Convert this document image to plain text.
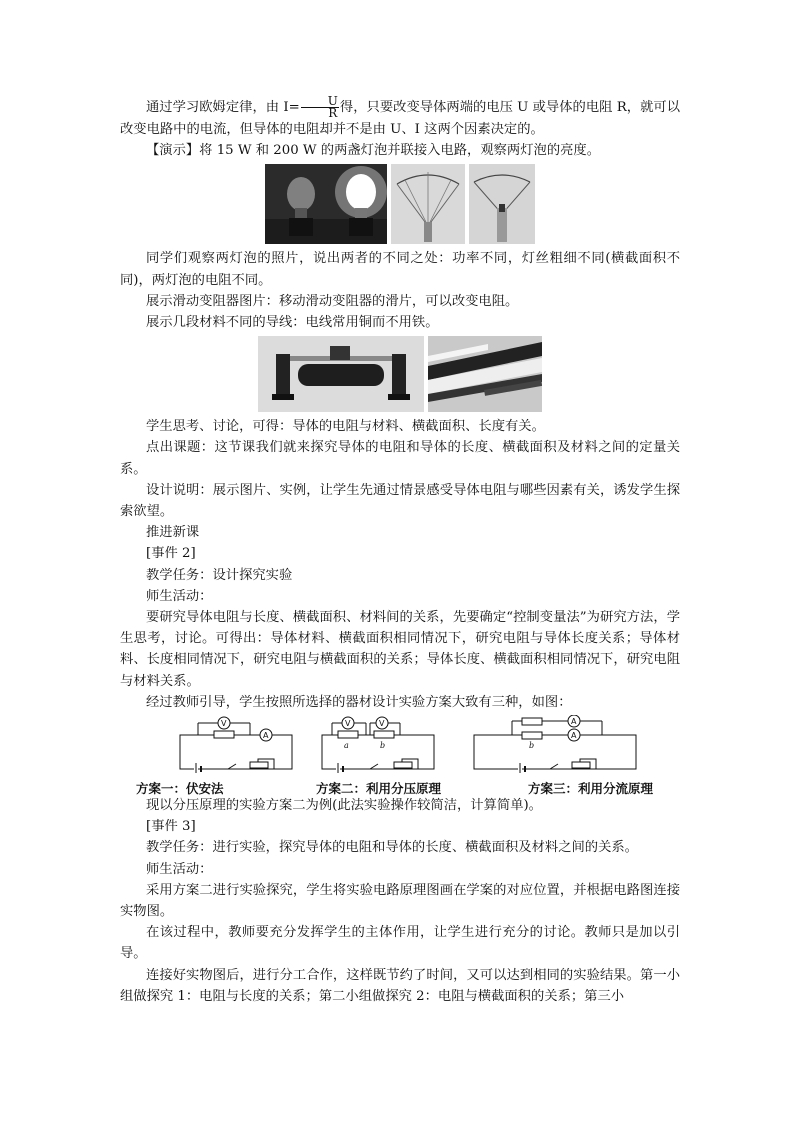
通过学习欧姆定律，由 $I= \frac{U}{R}$ 得，只要改变导体两端的电压 U 或导体的电阻 R，就可以改变电路中的电流，但导体的电阻却并不是由 U、I 这两个因素决定的。

【演示】将 15 W 和 200 W 的两盏灯泡并联接入电路，观察两灯泡的亮度。

同学们观察两灯泡的照片，说出两者的不同之处：功率不同，灯丝粗细不同(横截面积不同)，两灯泡的电阻不同。

展示滑动变阻器图片：移动滑动变阻器的滑片，可以改变电阻。

展示几段材料不同的导线：电线常用铜而不用铁。

学生思考、讨论，可得：导体的电阻与材料、横截面积、长度有关。

点出课题：这节课我们就来探究导体的电阻和导体的长度、横截面积及材料之间的定量关系。

设计说明：展示图片、实例，让学生先通过情景感受导体电阻与哪些因素有关，诱发学生探索欲望。

推进新课

[事件 2]

教学任务：设计探究实验

师生活动：

要研究导体电阻与长度、横截面积、材料间的关系，先要确定“控制变量法”为研究方法，学生思考，讨论。可得出：导体材料、横截面积相同情况下，研究电阻与导体长度关系；导体材料、长度相同情况下，研究电阻与横截面积的关系；导体长度、横截面积相同情况下，研究电阻与材料关系。

经过教师引导，学生按照所选择的器材设计实验方案大致有三种，如图：

V
A
V	V
a	b
A
A
b
方案一：伏安法	方案二：利用分压原理	方案三：利用分流原理

现以分压原理的实验方案二为例(此法实验操作较简洁，计算简单)。

[事件 3]

教学任务：进行实验，探究导体的电阻和导体的长度、横截面积及材料之间的关系。

师生活动：

采用方案二进行实验探究，学生将实验电路原理图画在学案的对应位置，并根据电路图连接实物图。

在该过程中，教师要充分发挥学生的主体作用，让学生进行充分的讨论。教师只是加以引导。

连接好实物图后，进行分工合作，这样既节约了时间，又可以达到相同的实验结果。第一小组做探究 1：电阻与长度的关系；第二小组做探究 2：电阻与横截面积的关系；第三小
